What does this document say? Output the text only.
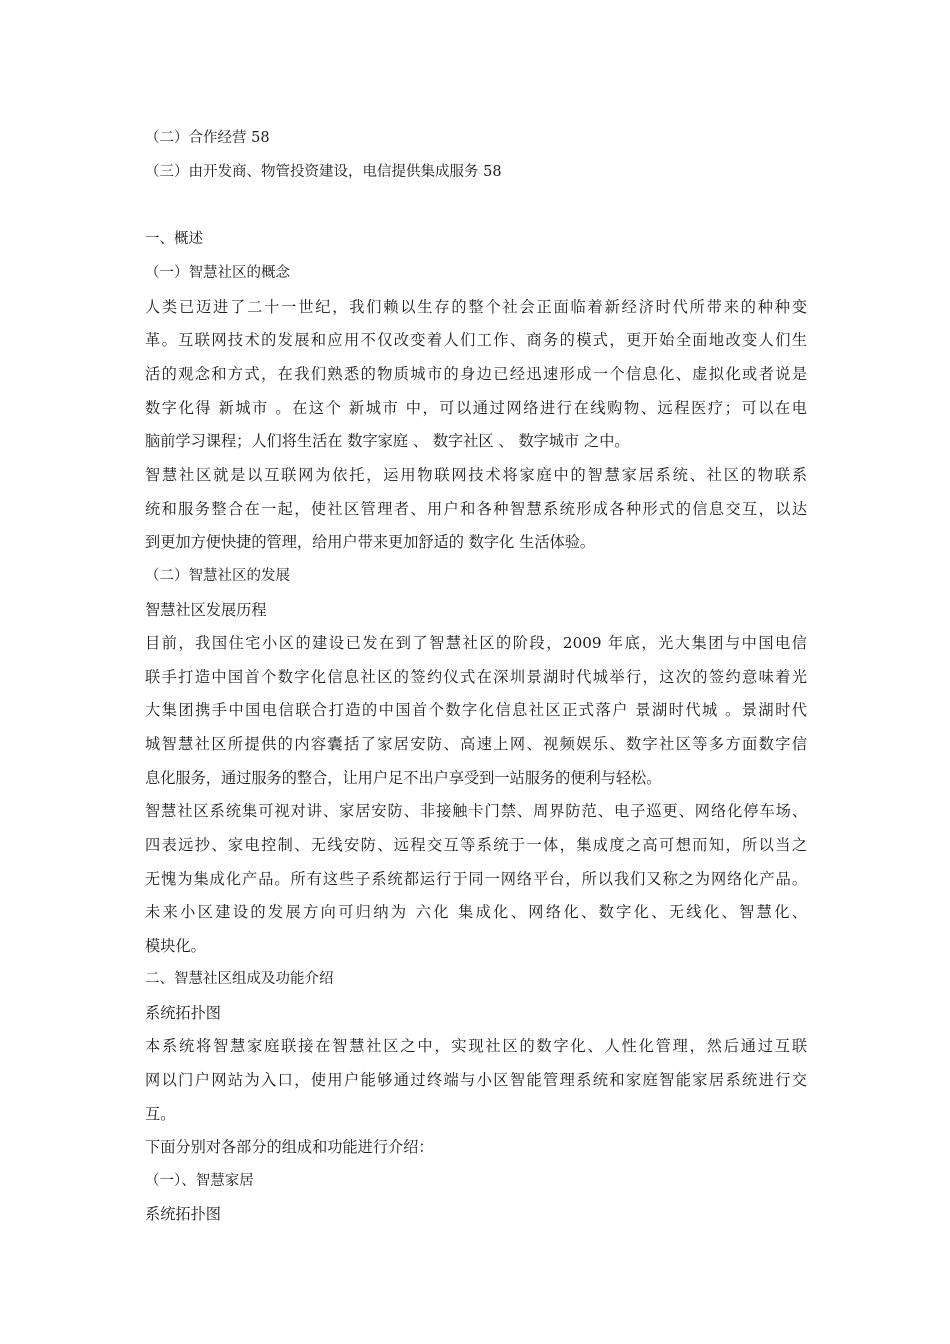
（二）合作经营 58

（三）由开发商、物管投资建设，电信提供集成服务 58

一、概述

（一）智慧社区的概念

人类已迈进了二十一世纪，我们赖以生存的整个社会正面临着新经济时代所带来的种种变

革。互联网技术的发展和应用不仅改变着人们工作、商务的模式，更开始全面地改变人们生

活的观念和方式，在我们熟悉的物质城市的身边已经迅速形成一个信息化、虚拟化或者说是

数字化得 新城市 。在这个 新城市 中，可以通过网络进行在线购物、远程医疗；可以在电

脑前学习课程；人们将生活在 数字家庭 、 数字社区 、 数字城市 之中。

智慧社区就是以互联网为依托，运用物联网技术将家庭中的智慧家居系统、社区的物联系

统和服务整合在一起，使社区管理者、用户和各种智慧系统形成各种形式的信息交互，以达

到更加方便快捷的管理，给用户带来更加舒适的 数字化 生活体验。

（二）智慧社区的发展

智慧社区发展历程

目前，我国住宅小区的建设已发在到了智慧社区的阶段，2009 年底，光大集团与中国电信

联手打造中国首个数字化信息社区的签约仪式在深圳景湖时代城举行，这次的签约意味着光

大集团携手中国电信联合打造的中国首个数字化信息社区正式落户 景湖时代城 。景湖时代

城智慧社区所提供的内容囊括了家居安防、高速上网、视频娱乐、数字社区等多方面数字信

息化服务，通过服务的整合，让用户足不出户享受到一站服务的便利与轻松。

智慧社区系统集可视对讲、家居安防、非接触卡门禁、周界防范、电子巡更、网络化停车场、

四表远抄、家电控制、无线安防、远程交互等系统于一体，集成度之高可想而知，所以当之

无愧为集成化产品。所有这些子系统都运行于同一网络平台，所以我们又称之为网络化产品。

未来小区建设的发展方向可归纳为 六化 集成化、网络化、数字化、无线化、智慧化、

模块化。

二、智慧社区组成及功能介绍

系统拓扑图

本系统将智慧家庭联接在智慧社区之中，实现社区的数字化、人性化管理，然后通过互联

网以门户网站为入口，使用户能够通过终端与小区智能管理系统和家庭智能家居系统进行交

互。

下面分别对各部分的组成和功能进行介绍：

（一）、智慧家居

系统拓扑图
